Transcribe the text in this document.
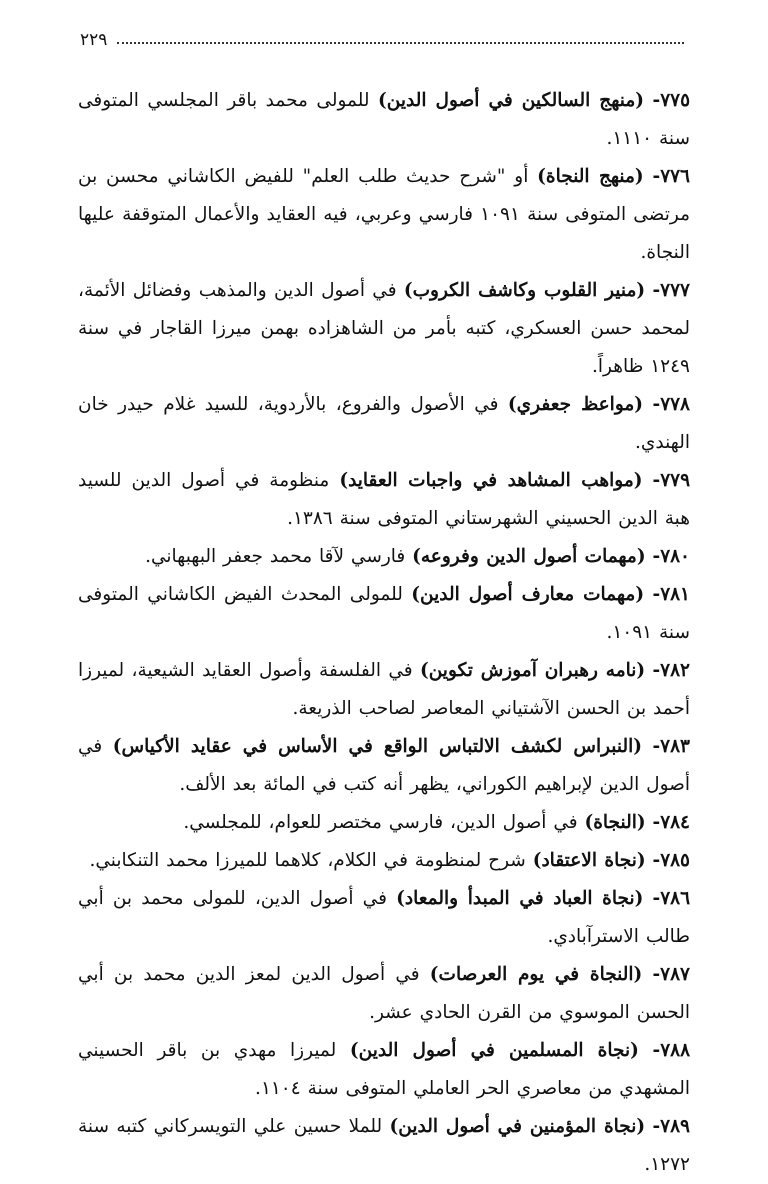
٢٢٩

٧٧٥- (منهج السالكين في أصول الدين) للمولى محمد باقر المجلسي المتوفى سنة ١١١٠.

٧٧٦- (منهج النجاة) أو "شرح حديث طلب العلم" للفيض الكاشاني محسن بن مرتضى المتوفى سنة ١٠٩١ فارسي وعربي، فيه العقايد والأعمال المتوقفة عليها النجاة.

٧٧٧- (منير القلوب وكاشف الكروب) في أصول الدين والمذهب وفضائل الأئمة، لمحمد حسن العسكري، كتبه بأمر من الشاهزاده بهمن ميرزا القاجار في سنة ١٢٤٩ ظاهراً.

٧٧٨- (مواعظ جعفري) في الأصول والفروع، بالأردوية، للسيد غلام حيدر خان الهندي.

٧٧٩- (مواهب المشاهد في واجبات العقايد) منظومة في أصول الدين للسيد هبة الدين الحسيني الشهرستاني المتوفى سنة ١٣٨٦.

٧٨٠- (مهمات أصول الدين وفروعه) فارسي لآقا محمد جعفر البهبهاني.

٧٨١- (مهمات معارف أصول الدين) للمولى المحدث الفيض الكاشاني المتوفى سنة ١٠٩١.

٧٨٢- (نامه رهبران آموزش تكوين) في الفلسفة وأصول العقايد الشيعية، لميرزا أحمد بن الحسن الآشتياني المعاصر لصاحب الذريعة.

٧٨٣- (النبراس لكشف الالتباس الواقع في الأساس في عقايد الأكياس) في أصول الدين لإبراهيم الكوراني، يظهر أنه كتب في المائة بعد الألف.

٧٨٤- (النجاة) في أصول الدين، فارسي مختصر للعوام، للمجلسي.

٧٨٥- (نجاة الاعتقاد) شرح لمنظومة في الكلام، كلاهما للميرزا محمد التنكابني.

٧٨٦- (نجاة العباد في المبدأ والمعاد) في أصول الدين، للمولى محمد بن أبي طالب الاسترآبادي.

٧٨٧- (النجاة في يوم العرصات) في أصول الدين لمعز الدين محمد بن أبي الحسن الموسوي من القرن الحادي عشر.

٧٨٨- (نجاة المسلمين في أصول الدين) لميرزا مهدي بن باقر الحسيني المشهدي من معاصري الحر العاملي المتوفى سنة ١١٠٤.

٧٨٩- (نجاة المؤمنين في أصول الدين) للملا حسين علي التويسركاني كتبه سنة ١٢٧٢.
